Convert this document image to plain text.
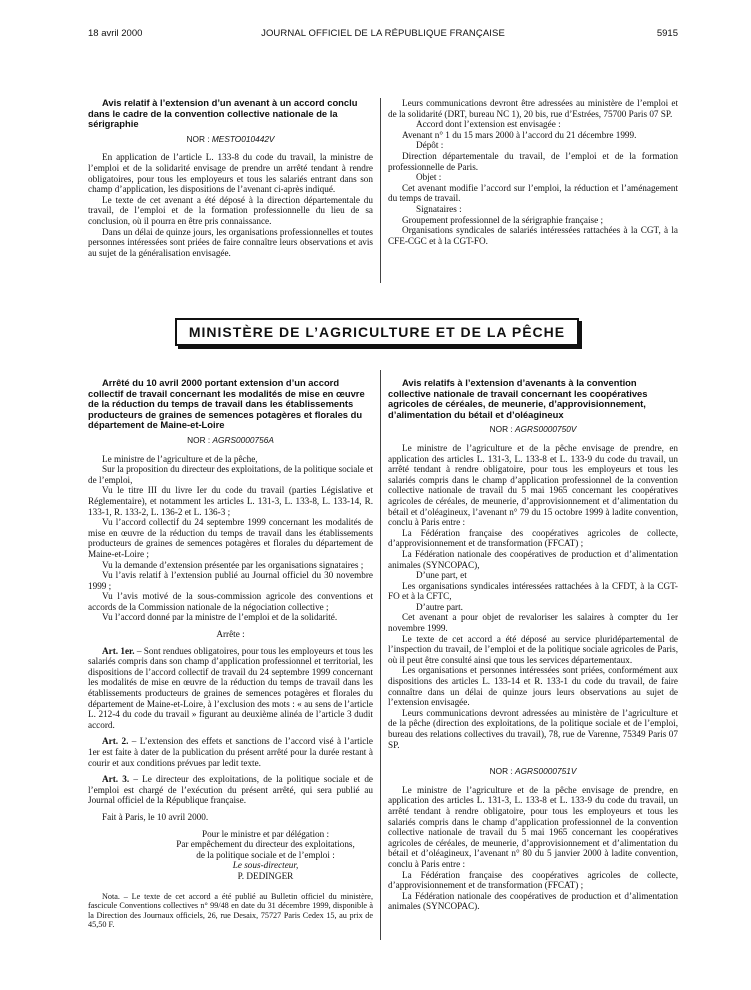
18 avril 2000	JOURNAL OFFICIEL DE LA RÉPUBLIQUE FRANÇAISE	5915

Avis relatif à l’extension d’un avenant à un accord conclu dans le cadre de la convention collective nationale de la sérigraphie

NOR : MESTO010442V

En application de l’article L. 133-8 du code du travail, la ministre de l’emploi et de la solidarité envisage de prendre un arrêté tendant à rendre obligatoires, pour tous les employeurs et tous les salariés entrant dans son champ d’application, les dispositions de l’avenant ci-après indiqué.

Le texte de cet avenant a été déposé à la direction départementale du travail, de l’emploi et de la formation professionnelle du lieu de sa conclusion, où il pourra en être pris connaissance.

Dans un délai de quinze jours, les organisations professionnelles et toutes personnes intéressées sont priées de faire connaître leurs observations et avis au sujet de la généralisation envisagée.

Leurs communications devront être adressées au ministère de l’emploi et de la solidarité (DRT, bureau NC 1), 20 bis, rue d’Estrées, 75700 Paris 07 SP.

Accord dont l’extension est envisagée :

Avenant n° 1 du 15 mars 2000 à l’accord du 21 décembre 1999.

Dépôt :

Direction départementale du travail, de l’emploi et de la formation professionnelle de Paris.

Objet :

Cet avenant modifie l’accord sur l’emploi, la réduction et l’aménagement du temps de travail.

Signataires :

Groupement professionnel de la sérigraphie française ;

Organisations syndicales de salariés intéressées rattachées à la CGT, à la CFE-CGC et à la CGT-FO.

MINISTÈRE DE L’AGRICULTURE ET DE LA PÊCHE

Arrêté du 10 avril 2000 portant extension d’un accord collectif de travail concernant les modalités de mise en œuvre de la réduction du temps de travail dans les établissements producteurs de graines de semences potagères et florales du département de Maine-et-Loire

NOR : AGRS0000756A

Le ministre de l’agriculture et de la pêche,

Sur la proposition du directeur des exploitations, de la politique sociale et de l’emploi,

Vu le titre III du livre Ier du code du travail (parties Législative et Réglementaire), et notamment les articles L. 131-3, L. 133-8, L. 133-14, R. 133-1, R. 133-2, L. 136-2 et L. 136-3 ;

Vu l’accord collectif du 24 septembre 1999 concernant les modalités de mise en œuvre de la réduction du temps de travail dans les établissements producteurs de graines de semences potagères et florales du département de Maine-et-Loire ;

Vu la demande d’extension présentée par les organisations signataires ;

Vu l’avis relatif à l’extension publié au Journal officiel du 30 novembre 1999 ;

Vu l’avis motivé de la sous-commission agricole des conventions et accords de la Commission nationale de la négociation collective ;

Vu l’accord donné par la ministre de l’emploi et de la solidarité.

Arrête :

Art. 1er. – Sont rendues obligatoires, pour tous les employeurs et tous les salariés compris dans son champ d’application professionnel et territorial, les dispositions de l’accord collectif de travail du 24 septembre 1999 concernant les modalités de mise en œuvre de la réduction du temps de travail dans les établissements producteurs de graines de semences potagères et florales du département de Maine-et-Loire, à l’exclusion des mots : « au sens de l’article L. 212-4 du code du travail » figurant au deuxième alinéa de l’article 3 dudit accord.

Art. 2. – L’extension des effets et sanctions de l’accord visé à l’article 1er est faite à dater de la publication du présent arrêté pour la durée restant à courir et aux conditions prévues par ledit texte.

Art. 3. – Le directeur des exploitations, de la politique sociale et de l’emploi est chargé de l’exécution du présent arrêté, qui sera publié au Journal officiel de la République française.

Fait à Paris, le 10 avril 2000.

Pour le ministre et par délégation :

Par empêchement du directeur des exploitations,

de la politique sociale et de l’emploi :

Le sous-directeur,

P. DEDINGER

Nota. – Le texte de cet accord a été publié au Bulletin officiel du ministère, fascicule Conventions collectives n° 99/48 en date du 31 décembre 1999, disponible à la Direction des Journaux officiels, 26, rue Desaix, 75727 Paris Cedex 15, au prix de 45,50 F.

Avis relatifs à l’extension d’avenants à la convention collective nationale de travail concernant les coopératives agricoles de céréales, de meunerie, d’approvisionnement, d’alimentation du bétail et d’oléagineux

NOR : AGRS0000750V

Le ministre de l’agriculture et de la pêche envisage de prendre, en application des articles L. 131-3, L. 133-8 et L. 133-9 du code du travail, un arrêté tendant à rendre obligatoire, pour tous les employeurs et tous les salariés compris dans le champ d’application professionnel de la convention collective nationale de travail du 5 mai 1965 concernant les coopératives agricoles de céréales, de meunerie, d’approvisionnement et d’alimentation du bétail et d’oléagineux, l’avenant n° 79 du 15 octobre 1999 à ladite convention, conclu à Paris entre :

La Fédération française des coopératives agricoles de collecte, d’approvisionnement et de transformation (FFCAT) ;

La Fédération nationale des coopératives de production et d’alimentation animales (SYNCOPAC),

D’une part, et

Les organisations syndicales intéressées rattachées à la CFDT, à la CGT-FO et à la CFTC,

D’autre part.

Cet avenant a pour objet de revaloriser les salaires à compter du 1er novembre 1999.

Le texte de cet accord a été déposé au service pluridépartemental de l’inspection du travail, de l’emploi et de la politique sociale agricoles de Paris, où il peut être consulté ainsi que tous les services départementaux.

Les organisations et personnes intéressées sont priées, conformément aux dispositions des articles L. 133-14 et R. 133-1 du code du travail, de faire connaître dans un délai de quinze jours leurs observations au sujet de l’extension envisagée.

Leurs communications devront adressées au ministère de l’agriculture et de la pêche (direction des exploitations, de la politique sociale et de l’emploi, bureau des relations collectives du travail), 78, rue de Varenne, 75349 Paris 07 SP.

NOR : AGRS0000751V

Le ministre de l’agriculture et de la pêche envisage de prendre, en application des articles L. 131-3, L. 133-8 et L. 133-9 du code du travail, un arrêté tendant à rendre obligatoire, pour tous les employeurs et tous les salariés compris dans le champ d’application professionnel de la convention collective nationale de travail du 5 mai 1965 concernant les coopératives agricoles de céréales, de meunerie, d’approvisionnement et d’alimentation du bétail et d’oléagineux, l’avenant n° 80 du 5 janvier 2000 à ladite convention, conclu à Paris entre :

La Fédération française des coopératives agricoles de collecte, d’approvisionnement et de transformation (FFCAT) ;

La Fédération nationale des coopératives de production et d’alimentation animales (SYNCOPAC).
